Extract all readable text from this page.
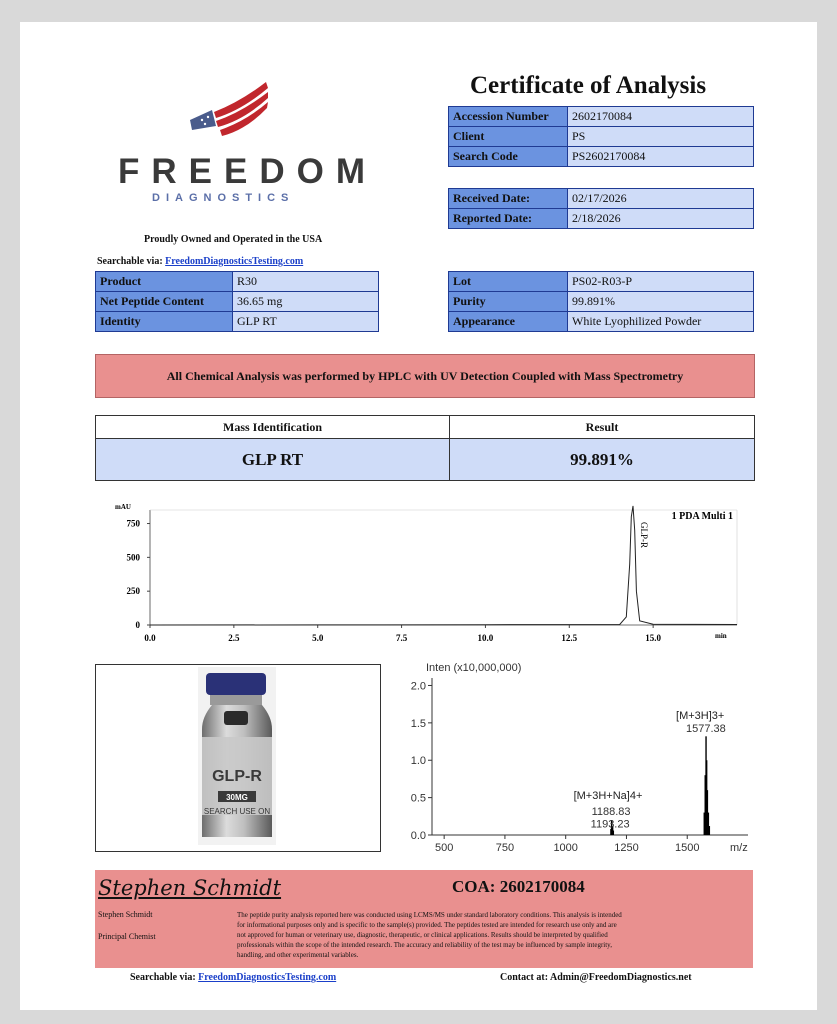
FREEDOM
DIAGNOSTICS
Proudly Owned and Operated in the USA
Searchable via: FreedomDiagnosticsTesting.com
Certificate of Analysis
Accession Number	2602170084
Client	PS
Search Code	PS2602170084
Received Date:	02/17/2026
Reported Date:	2/18/2026
Product	R30
Net Peptide Content	36.65 mg
Identity	GLP RT
Lot	PS02-R03-P
Purity	99.891%
Appearance	White Lyophilized Powder
All Chemical Analysis was performed by HPLC with UV Detection Coupled with Mass Spectrometry
Mass Identification	Result
GLP RT	99.891%
0
250
500
750
0.0	2.5	5.0	7.5	10.0	12.5	15.0
mAU
min
1 PDA Multi 1
GLP-R
GLP-R
30MG
SEARCH USE ON
0.0
0.5
1.0
1.5
2.0
500	750	1000	1250	1500
Inten (x10,000,000)
m/z
[M+3H]3+
1577.38
[M+3H+Na]4+
1188.83
1193.23
Stephen Schmidt	COA: 2602170084
Stephen Schmidt
Principal Chemist
The peptide purity analysis reported here was conducted using LCMS/MS under standard laboratory conditions. This analysis is intended
for informational purposes only and is specific to the sample(s) provided. The peptides tested are intended for research use only and are
not approved for human or veterinary use, diagnostic, therapeutic, or clinical applications. Results should be interpreted by qualified
professionals within the scope of the intended research. The accuracy and reliability of the test may be influenced by sample integrity,
handling, and other experimental variables.
Searchable via: FreedomDiagnosticsTesting.com	Contact at: Admin@FreedomDiagnostics.net
